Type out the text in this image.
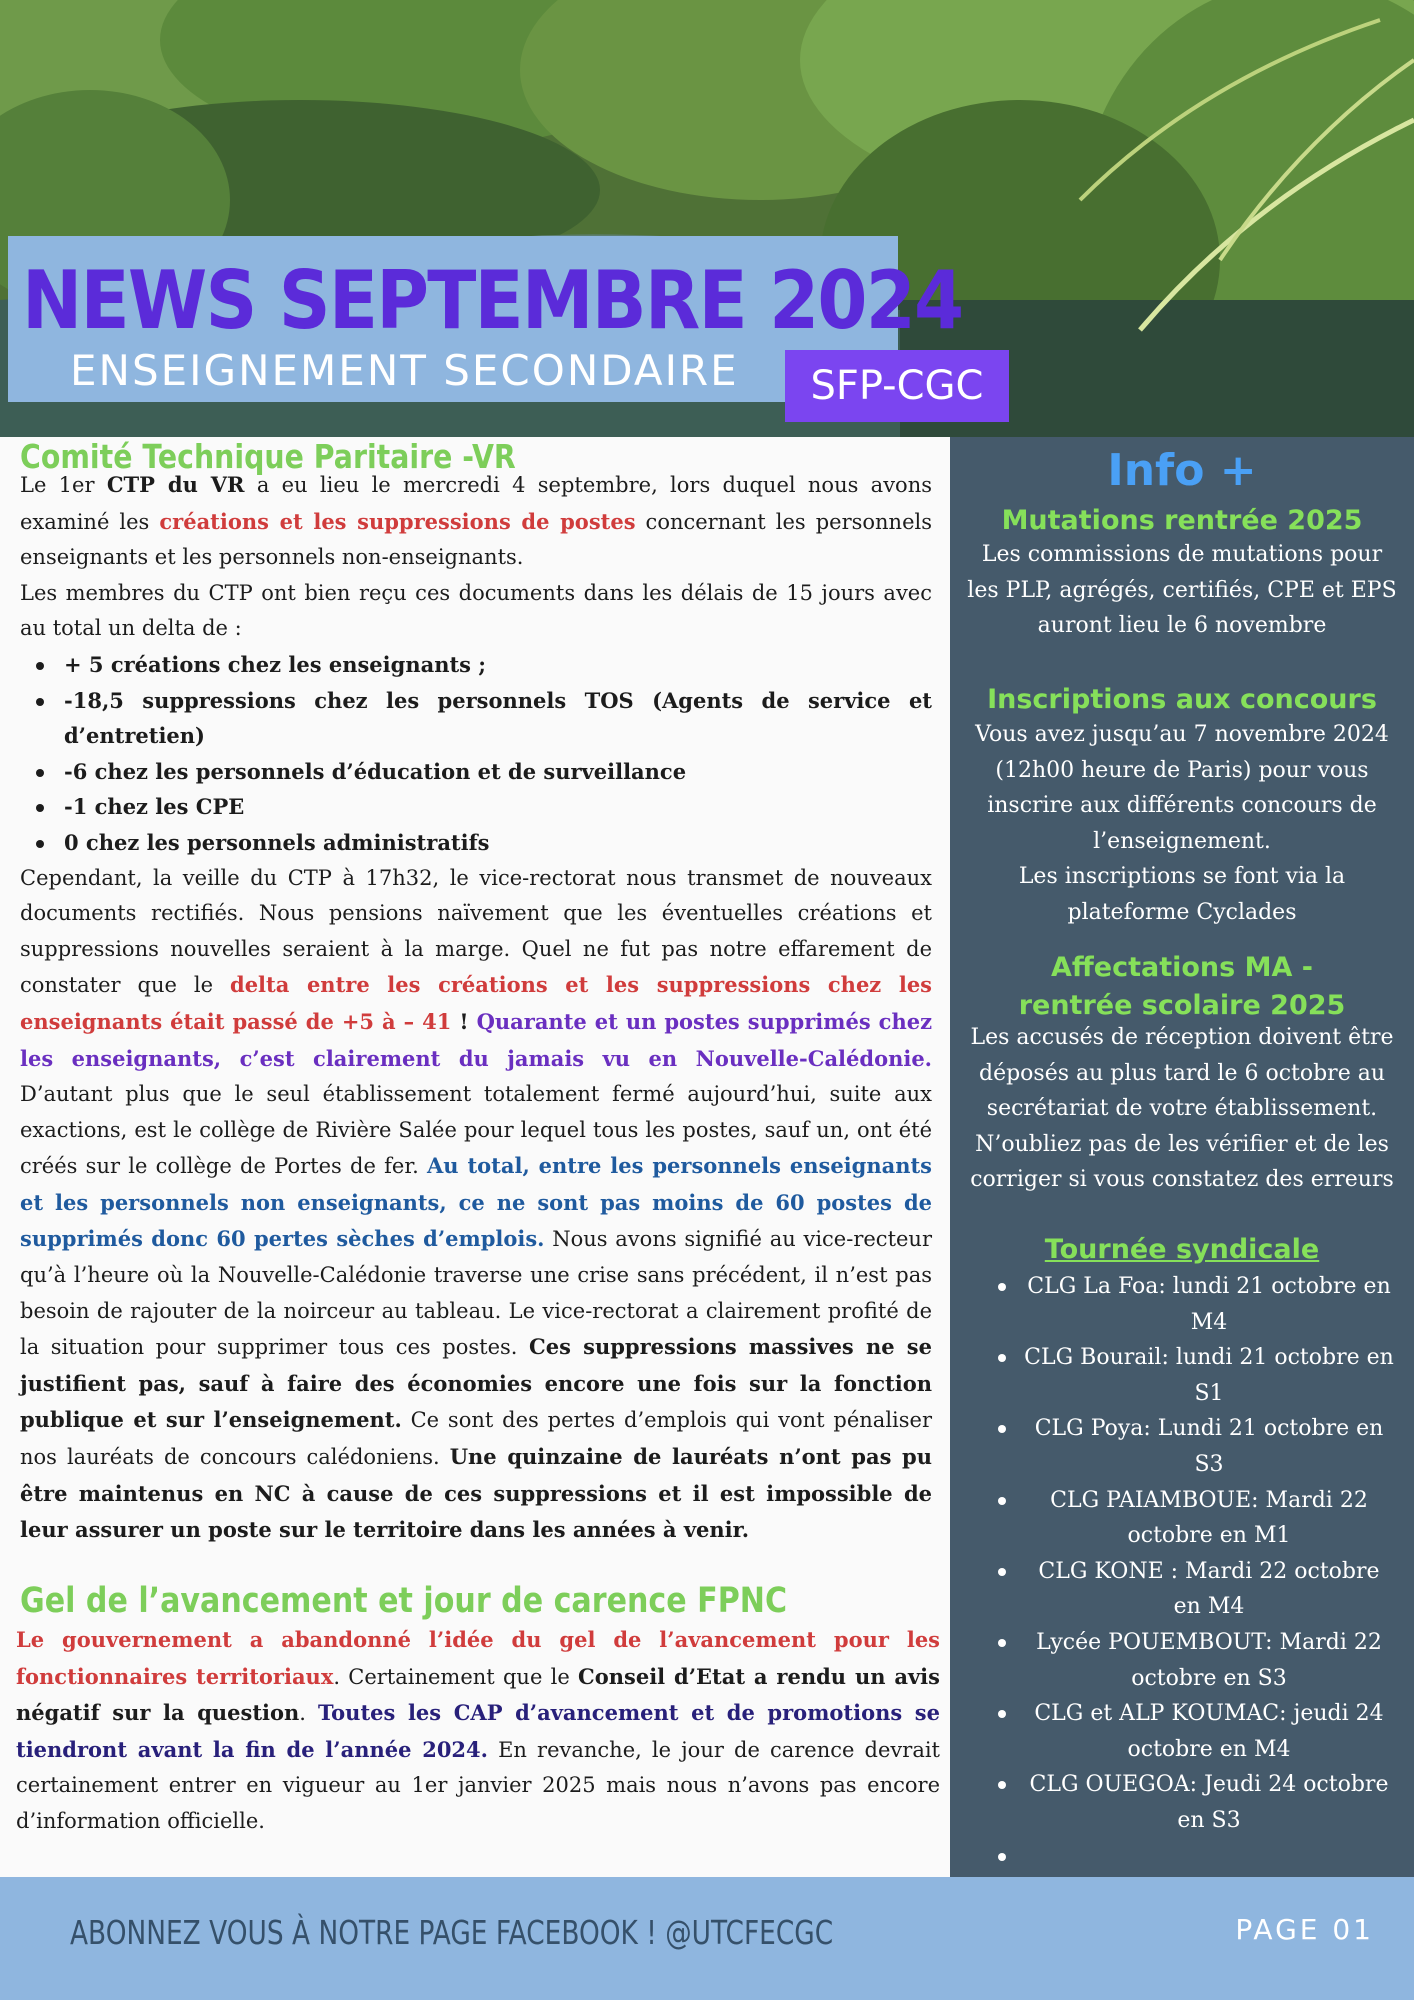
NEWS SEPTEMBRE 2024
ENSEIGNEMENT SECONDAIRE	SFP-CGC
Comité Technique Paritaire -VR

Le 1er CTP du VR a eu lieu le mercredi 4 septembre, lors duquel nous avons examiné les créations et les suppressions de postes concernant les personnels enseignants et les personnels non-enseignants.

Les membres du CTP ont bien reçu ces documents dans les délais de 15 jours avec au total un delta de :

+ 5 créations chez les enseignants ;
-18,5 suppressions chez les personnels TOS (Agents de service et d’entretien)
-6 chez les personnels d’éducation et de surveillance
-1 chez les CPE
0 chez les personnels administratifs

Cependant, la veille du CTP à 17h32, le vice-rectorat nous transmet de nouveaux documents rectifiés. Nous pensions naïvement que les éventuelles créations et suppressions nouvelles seraient à la marge. Quel ne fut pas notre effarement de constater que le delta entre les créations et les suppressions chez les enseignants était passé de +5 à – 41 ! Quarante et un postes supprimés chez les enseignants, c’est clairement du jamais vu en Nouvelle-Calédonie. D’autant plus que le seul établissement totalement fermé aujourd’hui, suite aux exactions, est le collège de Rivière Salée pour lequel tous les postes, sauf un, ont été créés sur le collège de Portes de fer. Au total, entre les personnels enseignants et les personnels non enseignants, ce ne sont pas moins de 60 postes de supprimés donc 60 pertes sèches d’emplois. Nous avons signifié au vice-recteur qu’à l’heure où la Nouvelle-Calédonie traverse une crise sans précédent, il n’est pas besoin de rajouter de la noirceur au tableau. Le vice-rectorat a clairement profité de la situation pour supprimer tous ces postes. Ces suppressions massives ne se justifient pas, sauf à faire des économies encore une fois sur la fonction publique et sur l’enseignement. Ce sont des pertes d’emplois qui vont pénaliser nos lauréats de concours calédoniens. Une quinzaine de lauréats n’ont pas pu être maintenus en NC à cause de ces suppressions et il est impossible de leur assurer un poste sur le territoire dans les années à venir.

Gel de l’avancement et jour de carence FPNC

Le gouvernement a abandonné l’idée du gel de l’avancement pour les fonctionnaires territoriaux. Certainement que le Conseil d’Etat a rendu un avis négatif sur la question. Toutes les CAP d’avancement et de promotions se tiendront avant la fin de l’année 2024. En revanche, le jour de carence devrait certainement entrer en vigueur au 1er janvier 2025 mais nous n’avons pas encore d’information officielle.

Info +
Mutations rentrée 2025
Les commissions de mutations pour les PLP, agrégés, certifiés, CPE et EPS auront lieu le 6 novembre
Inscriptions aux concours
Vous avez jusqu’au 7 novembre 2024 (12h00 heure de Paris) pour vous inscrire aux différents concours de l’enseignement.
Les inscriptions se font via la plateforme Cyclades
Affectations MA - rentrée scolaire 2025
Les accusés de réception doivent être déposés au plus tard le 6 octobre au secrétariat de votre établissement. N’oubliez pas de les vérifier et de les corriger si vous constatez des erreurs
Tournée syndicale
CLG La Foa: lundi 21 octobre en M4
CLG Bourail: lundi 21 octobre en S1
CLG Poya: Lundi 21 octobre en S3
CLG PAIAMBOUE: Mardi 22 octobre en M1
CLG KONE : Mardi 22 octobre en M4
Lycée POUEMBOUT: Mardi 22 octobre en S3
CLG et ALP KOUMAC: jeudi 24 octobre en M4
CLG OUEGOA: Jeudi 24 octobre en S3
ABONNEZ VOUS À NOTRE PAGE FACEBOOK ! @UTCFECGC	PAGE 01
